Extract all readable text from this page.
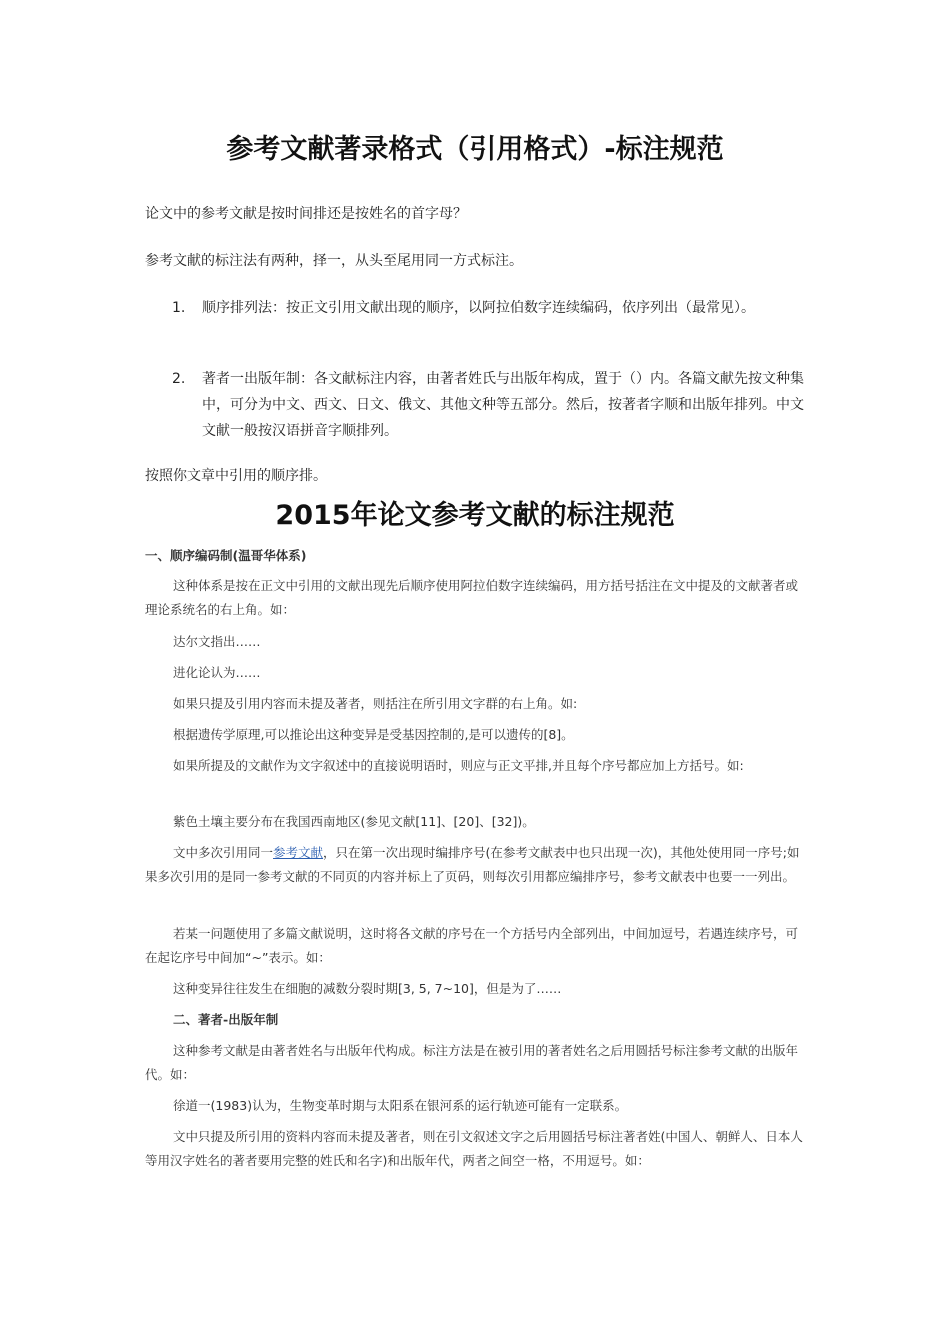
参考文献著录格式（引用格式）-标注规范

论文中的参考文献是按时间排还是按姓名的首字母？

参考文献的标注法有两种，择一，从头至尾用同一方式标注。

1. 顺序排列法：按正文引用文献出现的顺序，以阿拉伯数字连续编码，依序列出（最常见）。
2. 著者一出版年制：各文献标注内容，由著者姓氏与出版年构成，置于（）内。各篇文献先按文种集中，可分为中文、西文、日文、俄文、其他文种等五部分。然后，按著者字顺和出版年排列。中文文献一般按汉语拼音字顺排列。

按照你文章中引用的顺序排。

2015年论文参考文献的标注规范

一、顺序编码制(温哥华体系)

这种体系是按在正文中引用的文献出现先后顺序使用阿拉伯数字连续编码，用方括号括注在文中提及的文献著者或理论系统名的右上角。如：

达尔文指出……

进化论认为……

如果只提及引用内容而未提及著者，则括注在所引用文字群的右上角。如:

根据遗传学原理,可以推论出这种变异是受基因控制的,是可以遗传的[8]。

如果所提及的文献作为文字叙述中的直接说明语时，则应与正文平排,并且每个序号都应加上方括号。如:

紫色土壤主要分布在我国西南地区(参见文献[11]、[20]、[32])。

文中多次引用同一参考文献，只在第一次出现时编排序号(在参考文献表中也只出现一次)，其他处使用同一序号;如果多次引用的是同一参考文献的不同页的内容并标上了页码，则每次引用都应编排序号，参考文献表中也要一一列出。

若某一问题使用了多篇文献说明，这时将各文献的序号在一个方括号内全部列出，中间加逗号，若遇连续序号，可在起讫序号中间加“~”表示。如：

这种变异往往发生在细胞的减数分裂时期[3, 5, 7~10]，但是为了……

二、著者-出版年制

这种参考文献是由著者姓名与出版年代构成。标注方法是在被引用的著者姓名之后用圆括号标注参考文献的出版年代。如：

徐道一(1983)认为，生物变革时期与太阳系在银河系的运行轨迹可能有一定联系。

文中只提及所引用的资料内容而未提及著者，则在引文叙述文字之后用圆括号标注著者姓(中国人、朝鲜人、日本人等用汉字姓名的著者要用完整的姓氏和名字)和出版年代，两者之间空一格，不用逗号。如：
